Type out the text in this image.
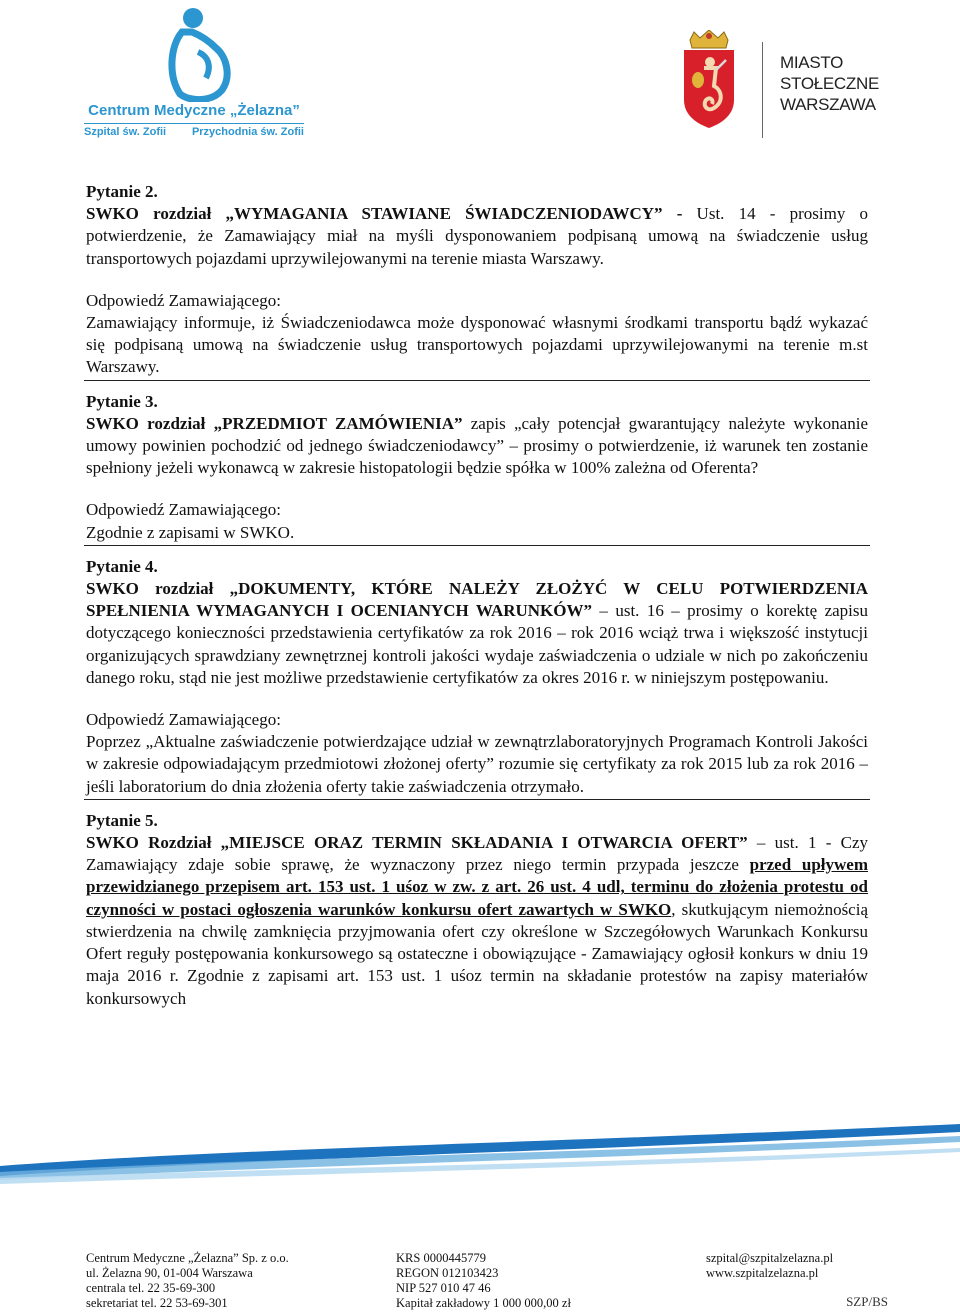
Centrum Medyczne „Żelazna”
Szpital św. Zofii Przychodnia św. Zofii
MIASTO
STOŁECZNE
WARSZAWA

Pytanie 2.

SWKO rozdział „WYMAGANIA STAWIANE ŚWIADCZENIODAWCY” - Ust. 14 - prosimy o potwierdzenie, że Zamawiający miał na myśli dysponowaniem podpisaną umową na świadczenie usług transportowych pojazdami uprzywilejowanymi na terenie miasta Warszawy.

Odpowiedź Zamawiającego:

Zamawiający informuje, iż Świadczeniodawca może dysponować własnymi środkami transportu bądź wykazać się podpisaną umową na świadczenie usług transportowych pojazdami uprzywilejowanymi na terenie m.st Warszawy.

Pytanie 3.

SWKO rozdział „PRZEDMIOT ZAMÓWIENIA” zapis „cały potencjał gwarantujący należyte wykonanie umowy powinien pochodzić od jednego świadczeniodawcy” – prosimy o potwierdzenie, iż warunek ten zostanie spełniony jeżeli wykonawcą w zakresie histopatologii będzie spółka w 100% zależna od Oferenta?

Odpowiedź Zamawiającego:

Zgodnie z zapisami w SWKO.

Pytanie 4.

SWKO rozdział „DOKUMENTY, KTÓRE NALEŻY ZŁOŻYĆ W CELU POTWIERDZENIA SPEŁNIENIA WYMAGANYCH I OCENIANYCH WARUNKÓW” – ust. 16 – prosimy o korektę zapisu dotyczącego konieczności przedstawienia certyfikatów za rok 2016 – rok 2016 wciąż trwa i większość instytucji organizujących sprawdziany zewnętrznej kontroli jakości wydaje zaświadczenia o udziale w nich po zakończeniu danego roku, stąd nie jest możliwe przedstawienie certyfikatów za okres 2016 r. w niniejszym postępowaniu.

Odpowiedź Zamawiającego:

Poprzez „Aktualne zaświadczenie potwierdzające udział w zewnątrzlaboratoryjnych Programach Kontroli Jakości w zakresie odpowiadającym przedmiotowi złożonej oferty” rozumie się certyfikaty za rok 2015 lub za rok 2016 – jeśli laboratorium do dnia złożenia oferty takie zaświadczenia otrzymało.

Pytanie 5.

SWKO Rozdział „MIEJSCE ORAZ TERMIN SKŁADANIA I OTWARCIA OFERT” – ust. 1 - Czy Zamawiający zdaje sobie sprawę, że wyznaczony przez niego termin przypada jeszcze przed upływem przewidzianego przepisem art. 153 ust. 1 uśoz w zw. z art. 26 ust. 4 udl, terminu do złożenia protestu od czynności w postaci ogłoszenia warunków konkursu ofert zawartych w SWKO, skutkującym niemożnością stwierdzenia na chwilę zamknięcia przyjmowania ofert czy określone w Szczegółowych Warunkach Konkursu Ofert reguły postępowania konkursowego są ostateczne i obowiązujące - Zamawiający ogłosił konkurs w dniu 19 maja 2016 r. Zgodnie z zapisami art. 153 ust. 1 uśoz termin na składanie protestów na zapisy materiałów konkursowych

Centrum Medyczne „Żelazna” Sp. z o.o.
ul. Żelazna 90, 01-004 Warszawa
centrala tel. 22 35-69-300
sekretariat tel. 22 53-69-301
KRS 0000445779
REGON 012103423
NIP 527 010 47 46
Kapitał zakładowy 1 000 000,00 zł
szpital@szpitalzelazna.pl
www.szpitalzelazna.pl
SZP/BS
